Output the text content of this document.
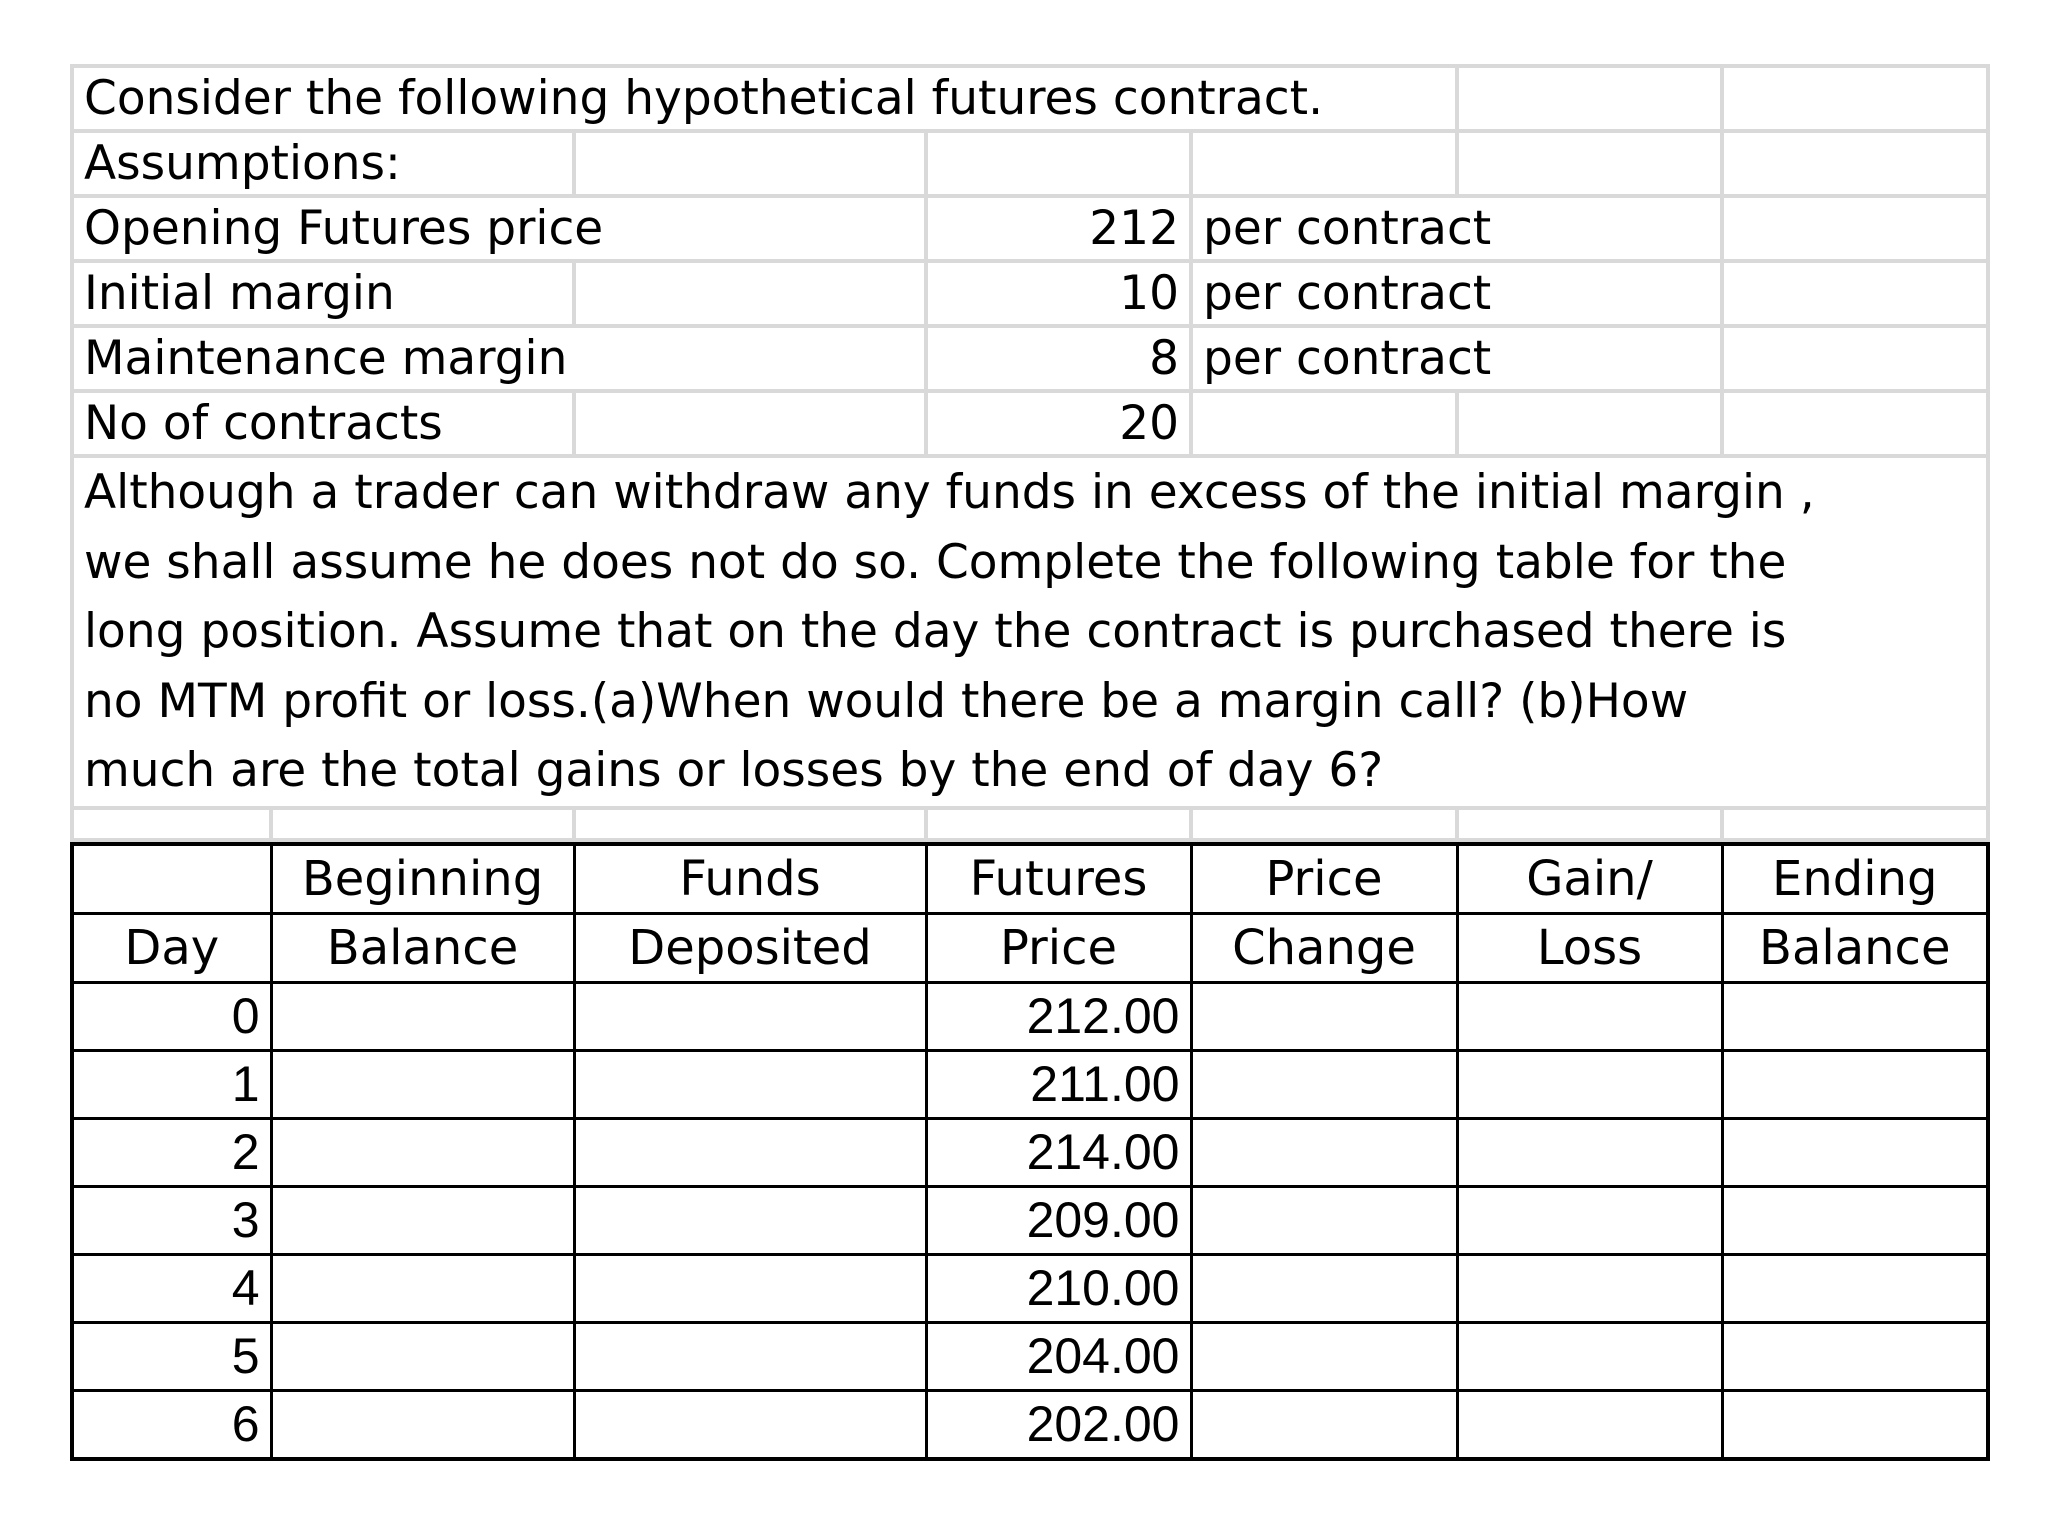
Consider the following hypothetical futures contract.						
Assumptions:						
Opening Futures price			212	per contract		
Initial margin			10	per contract		
Maintenance margin			8	per contract		
No of contracts			20			

Although a trader can withdraw any funds in excess of the initial margin ,
we shall assume he does not do so. Complete the following table for the
long position. Assume that on the day the contract is purchased there is
no MTM profit or loss.(a)When would there be a margin call? (b)How
much are the total gains or losses by the end of day 6?						

	Beginning	Funds	Futures	Price	Gain/	Ending
Day	Balance	Deposited	Price	Change	Loss	Balance
0			212.00			
1			211.00			
2			214.00			
3			209.00			
4			210.00			
5			204.00			
6			202.00			
